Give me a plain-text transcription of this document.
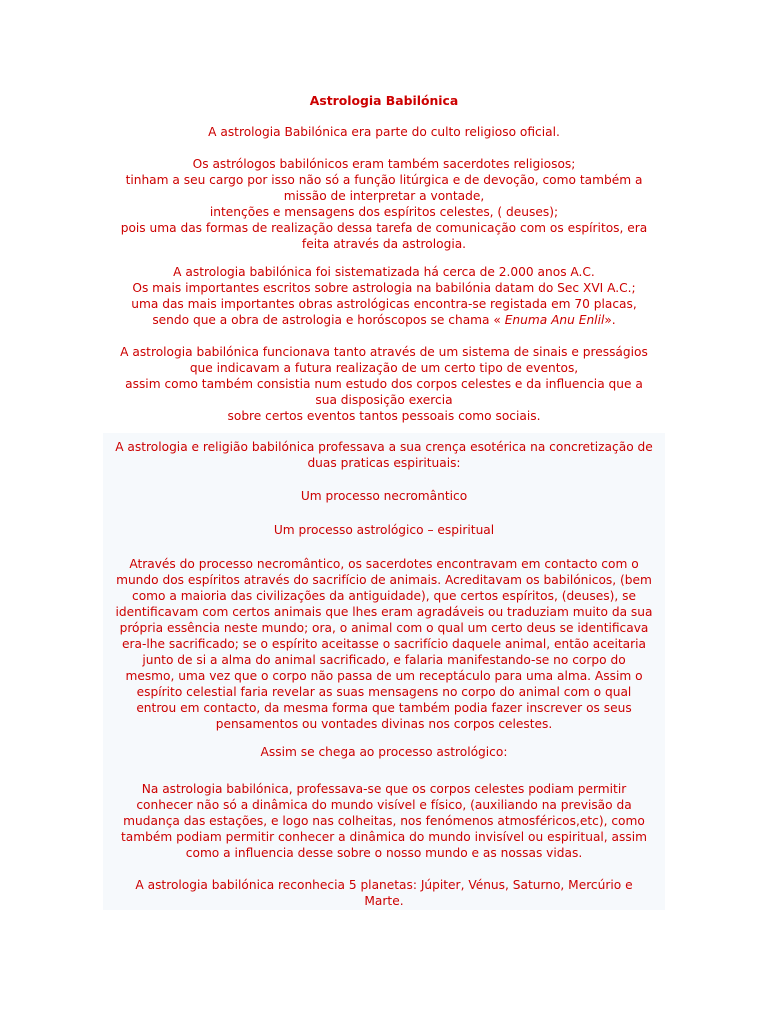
Astrologia Babilónica
A astrologia Babilónica era parte do culto religioso oficial.
Os astrólogos babilónicos eram também sacerdotes religiosos;
tinham a seu cargo por isso não só a função litúrgica e de devoção, como também a
missão de interpretar a vontade,
intenções e mensagens dos espíritos celestes, ( deuses);
pois uma das formas de realização dessa tarefa de comunicação com os espíritos, era
feita através da astrologia.
A astrologia babilónica foi sistematizada há cerca de 2.000 anos A.C.
Os mais importantes escritos sobre astrologia na babilónia datam do Sec XVI A.C.;
uma das mais importantes obras astrológicas encontra-se registada em 70 placas,
sendo que a obra de astrologia e horóscopos se chama « Enuma Anu Enlil».
A astrologia babilónica funcionava tanto através de um sistema de sinais e presságios
que indicavam a futura realização de um certo tipo de eventos,
assim como também consistia num estudo dos corpos celestes e da influencia que a
sua disposição exercia
sobre certos eventos tantos pessoais como sociais.
A astrologia e religião babilónica professava a sua crença esotérica na concretização de
duas praticas espirituais:
Um processo necromântico
Um processo astrológico – espiritual
Através do processo necromântico, os sacerdotes encontravam em contacto com o
mundo dos espíritos através do sacrifício de animais. Acreditavam os babilónicos, (bem
como a maioria das civilizações da antiguidade), que certos espíritos, (deuses), se
identificavam com certos animais que lhes eram agradáveis ou traduziam muito da sua
própria essência neste mundo; ora, o animal com o qual um certo deus se identificava
era-lhe sacrificado; se o espírito aceitasse o sacrifício daquele animal, então aceitaria
junto de si a alma do animal sacrificado, e falaria manifestando-se no corpo do
mesmo, uma vez que o corpo não passa de um receptáculo para uma alma. Assim o
espírito celestial faria revelar as suas mensagens no corpo do animal com o qual
entrou em contacto, da mesma forma que também podia fazer inscrever os seus
pensamentos ou vontades divinas nos corpos celestes.
Assim se chega ao processo astrológico:
Na astrologia babilónica, professava-se que os corpos celestes podiam permitir
conhecer não só a dinâmica do mundo visível e físico, (auxiliando na previsão da
mudança das estações, e logo nas colheitas, nos fenómenos atmosféricos,etc), como
também podiam permitir conhecer a dinâmica do mundo invisível ou espiritual, assim
como a influencia desse sobre o nosso mundo e as nossas vidas.
A astrologia babilónica reconhecia 5 planetas: Júpiter, Vénus, Saturno, Mercúrio e
Marte.
